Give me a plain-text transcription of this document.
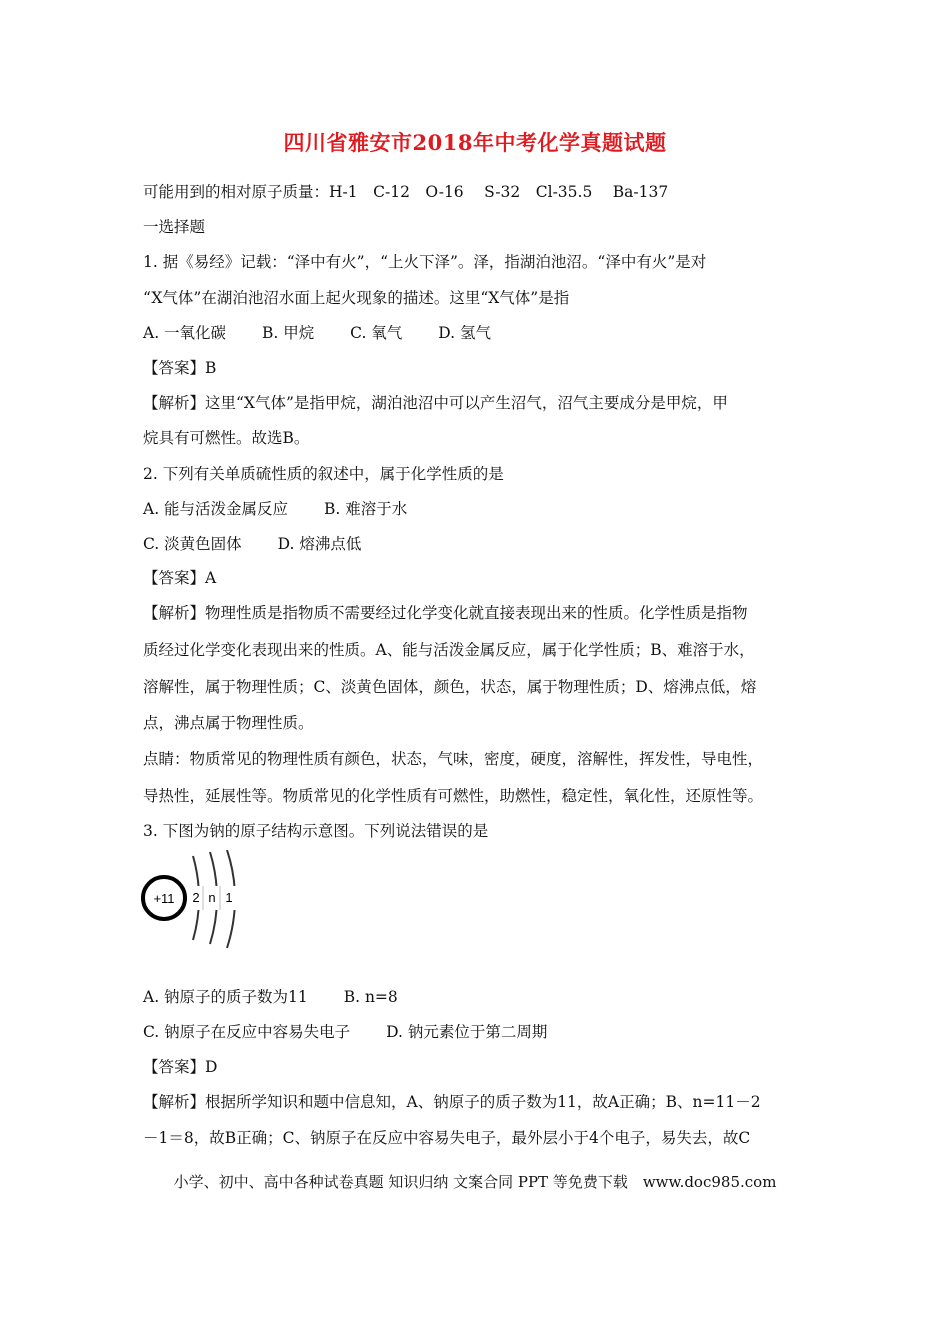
四川省雅安市2018年中考化学真题试题
可能用到的相对原子质量：H-1　C-12　O-16　 S-32　Cl-35.5　 Ba-137
一选择题
1. 据《易经》记载：“泽中有火”，“上火下泽”。泽，指湖泊池沼。“泽中有火”是对
“X气体”在湖泊池沼水面上起火现象的描述。这里“X气体”是指
A. 一氧化碳　　 B. 甲烷　　 C. 氧气　　 D. 氢气
【答案】B
【解析】这里“X气体”是指甲烷，湖泊池沼中可以产生沼气，沼气主要成分是甲烷，甲
烷具有可燃性。故选B。
2. 下列有关单质硫性质的叙述中，属于化学性质的是
A. 能与活泼金属反应　　 B. 难溶于水
C. 淡黄色固体　　 D. 熔沸点低
【答案】A
【解析】物理性质是指物质不需要经过化学变化就直接表现出来的性质。化学性质是指物
质经过化学变化表现出来的性质。A、能与活泼金属反应，属于化学性质；B、难溶于水，
溶解性，属于物理性质；C、淡黄色固体，颜色，状态，属于物理性质；D、熔沸点低，熔
点，沸点属于物理性质。
点睛：物质常见的物理性质有颜色，状态，气味，密度，硬度，溶解性，挥发性，导电性，
导热性，延展性等。物质常见的化学性质有可燃性，助燃性，稳定性，氧化性，还原性等。
3. 下图为钠的原子结构示意图。下列说法错误的是
+11 2 n 1
A. 钠原子的质子数为11　　 B. n=8
C. 钠原子在反应中容易失电子　　 D. 钠元素位于第二周期
【答案】D
【解析】根据所学知识和题中信息知，A、钠原子的质子数为11，故A正确；B、n=11－2
－1＝8，故B正确；C、钠原子在反应中容易失电子，最外层小于4个电子，易失去，故C
小学、初中、高中各种试卷真题 知识归纳 文案合同 PPT 等免费下载　www.doc985.com
